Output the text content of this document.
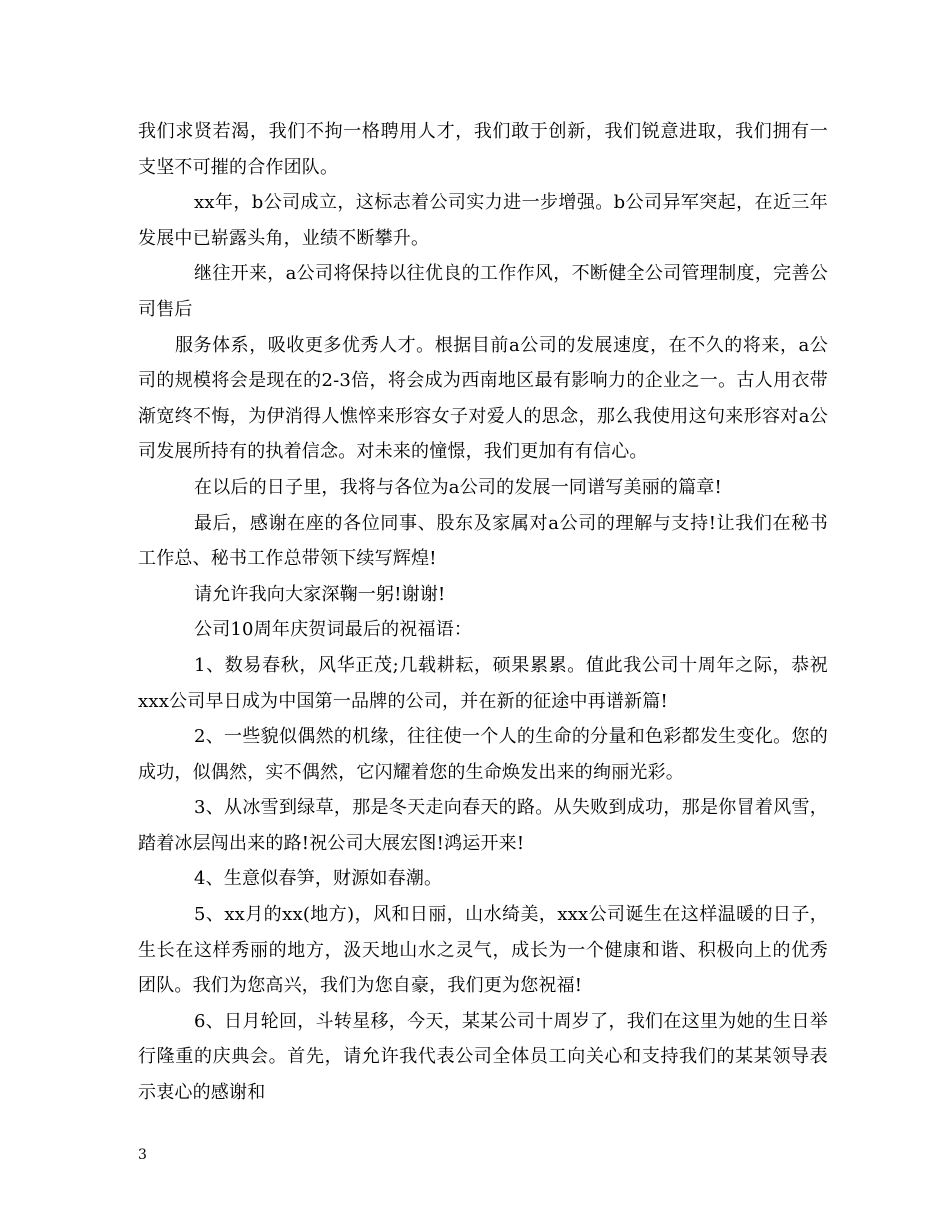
我们求贤若渴，我们不拘一格聘用人才，我们敢于创新，我们锐意进取，我们拥有一支坚不可摧的合作团队。

xx年，b公司成立，这标志着公司实力进一步增强。b公司异军突起，在近三年发展中已崭露头角，业绩不断攀升。

继往开来，a公司将保持以往优良的工作作风，不断健全公司管理制度，完善公司售后

服务体系，吸收更多优秀人才。根据目前a公司的发展速度，在不久的将来，a公司的规模将会是现在的2-3倍，将会成为西南地区最有影响力的企业之一。古人用衣带渐宽终不悔，为伊消得人憔悴来形容女子对爱人的思念，那么我使用这句来形容对a公司发展所持有的执着信念。对未来的憧憬，我们更加有有信心。

在以后的日子里，我将与各位为a公司的发展一同谱写美丽的篇章!

最后，感谢在座的各位同事、股东及家属对a公司的理解与支持!让我们在秘书工作总、秘书工作总带领下续写辉煌!

请允许我向大家深鞠一躬!谢谢!

公司10周年庆贺词最后的祝福语：

1、数易春秋，风华正茂;几载耕耘，硕果累累。值此我公司十周年之际，恭祝xxx公司早日成为中国第一品牌的公司，并在新的征途中再谱新篇!

2、一些貌似偶然的机缘，往往使一个人的生命的分量和色彩都发生变化。您的成功，似偶然，实不偶然，它闪耀着您的生命焕发出来的绚丽光彩。

3、从冰雪到绿草，那是冬天走向春天的路。从失败到成功，那是你冒着风雪，踏着冰层闯出来的路!祝公司大展宏图!鸿运开来!

4、生意似春笋，财源如春潮。

5、xx月的xx(地方)，风和日丽，山水绮美，xxx公司诞生在这样温暖的日子，生长在这样秀丽的地方，汲天地山水之灵气，成长为一个健康和谐、积极向上的优秀团队。我们为您高兴，我们为您自豪，我们更为您祝福!

6、日月轮回，斗转星移，今天，某某公司十周岁了，我们在这里为她的生日举行隆重的庆典会。首先，请允许我代表公司全体员工向关心和支持我们的某某领导表示衷心的感谢和

3
